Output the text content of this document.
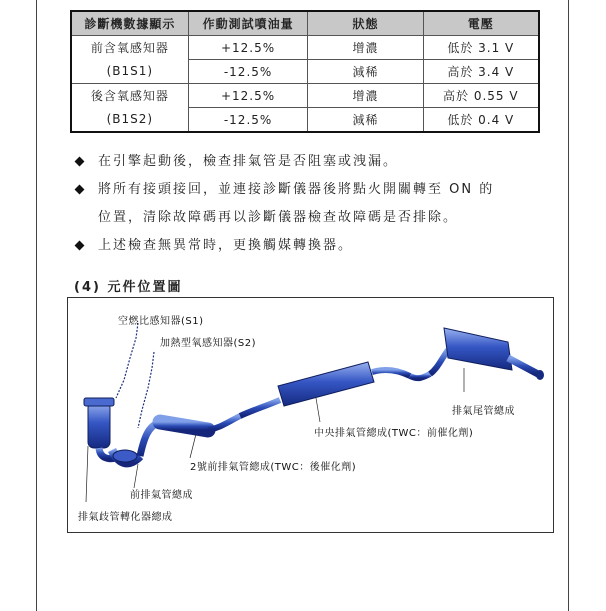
診斷機數據顯示	作動測試噴油量	狀態	電壓
前含氧感知器	+12.5%	增濃	低於 3.1 V
(B1S1)	-12.5%	減稀	高於 3.4 V
後含氧感知器	+12.5%	增濃	高於 0.55 V
(B1S2)	-12.5%	減稀	低於 0.4 V
在引擎起動後，檢查排氣管是否阻塞或洩漏。
將所有接頭接回，並連接診斷儀器後將點火開關轉至 ON 的
位置，清除故障碼再以診斷儀器檢查故障碼是否排除。
上述檢查無異常時，更換觸媒轉換器。
(4) 元件位置圖
空燃比感知器(S1)
加熱型氧感知器(S2)
排氣尾管總成
中央排氣管總成(TWC：前催化劑)
2號前排氣管總成(TWC：後催化劑)
前排氣管總成
排氣歧管轉化器總成
